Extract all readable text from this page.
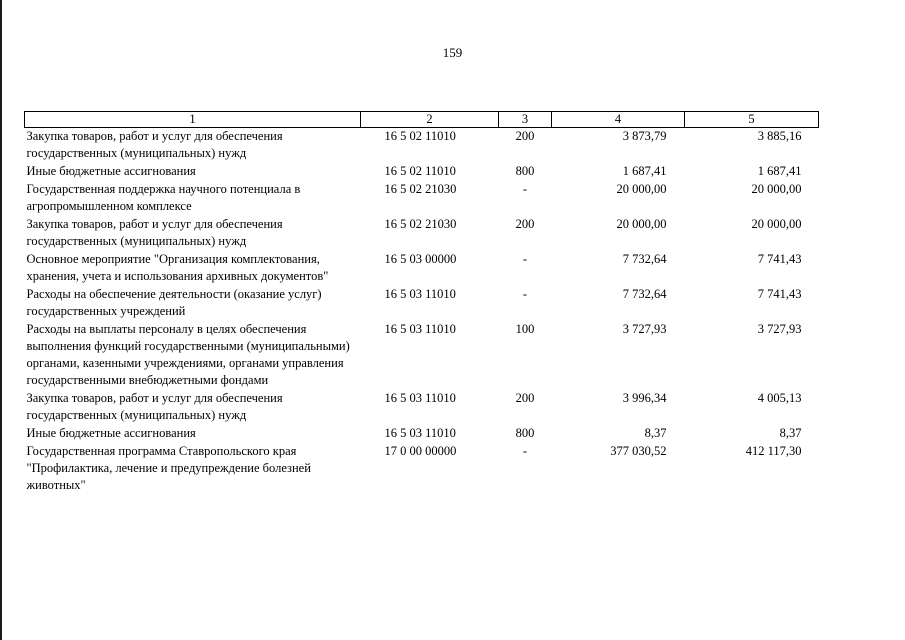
159
1	2	3	4	5
Закупка товаров, работ и услуг для обеспечения государственных (муниципальных) нужд	16 5 02 11010	200	3 873,79	3 885,16
Иные бюджетные ассигнования	16 5 02 11010	800	1 687,41	1 687,41
Государственная поддержка научного потенциала в агропромышленном комплексе	16 5 02 21030	-	20 000,00	20 000,00
Закупка товаров, работ и услуг для обеспечения государственных (муниципальных) нужд	16 5 02 21030	200	20 000,00	20 000,00
Основное мероприятие "Организация комплектования, хранения, учета и использования архивных документов"	16 5 03 00000	-	7 732,64	7 741,43
Расходы на обеспечение деятельности (оказание услуг) государственных учреждений	16 5 03 11010	-	7 732,64	7 741,43
Расходы на выплаты персоналу в целях обеспечения выполнения функций государственными (муниципальными) органами, казенными учреждениями, органами управления государственными внебюджетными фондами	16 5 03 11010	100	3 727,93	3 727,93
Закупка товаров, работ и услуг для обеспечения государственных (муниципальных) нужд	16 5 03 11010	200	3 996,34	4 005,13
Иные бюджетные ассигнования	16 5 03 11010	800	8,37	8,37
Государственная программа Ставропольского края "Профилактика, лечение и предупреждение болезней животных"	17 0 00 00000	-	377 030,52	412 117,30
